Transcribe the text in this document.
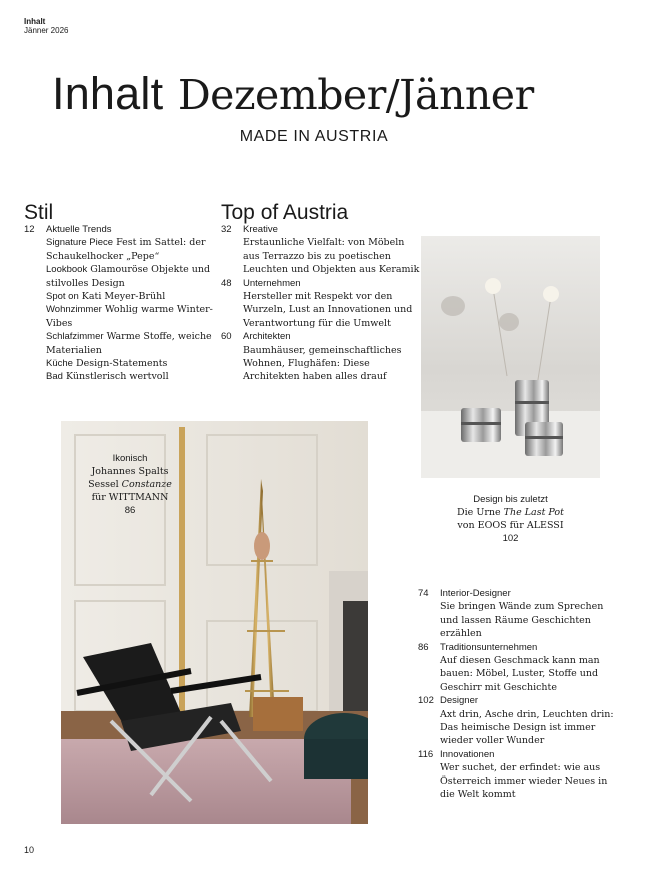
Inhalt
Jänner 2026
Inhalt Dezember/Jänner
MADE IN AUSTRIA
Stil
12 Aktuelle Trends
Signature Piece Fest im Sattel: der Schaukelhocker „Pepe“
Lookbook Glamouröse Objekte und stilvolles Design
Spot on Kati Meyer-Brühl
Wohnzimmer Wohlig warme Winter-Vibes
Schlafzimmer Warme Stoffe, weiche Materialien
Küche Design-Statements
Bad Künstlerisch wertvoll
Top of Austria
32 Kreative
Erstaunliche Vielfalt: von Möbeln
aus Terrazzo bis zu poetischen
Leuchten und Objekten aus Keramik
48 Unternehmen
Hersteller mit Respekt vor den
Wurzeln, Lust an Innovationen und
Verantwortung für die Umwelt
60 Architekten
Baumhäuser, gemeinschaftliches
Wohnen, Flughäfen: Diese
Architekten haben alles drauf
Design bis zuletzt
Die Urne The Last Pot
von EOOS für ALESSI
102
Ikonisch
Johannes Spalts
Sessel Constanze
für WITTMANN
86
74 Interior-Designer
Sie bringen Wände zum Sprechen
und lassen Räume Geschichten
erzählen
86 Traditionsunternehmen
Auf diesen Geschmack kann man
bauen: Möbel, Luster, Stoffe und
Geschirr mit Geschichte
102 Designer
Axt drin, Asche drin, Leuchten drin:
Das heimische Design ist immer
wieder voller Wunder
116 Innovationen
Wer suchet, der erfindet: wie aus
Österreich immer wieder Neues in
die Welt kommt
10
